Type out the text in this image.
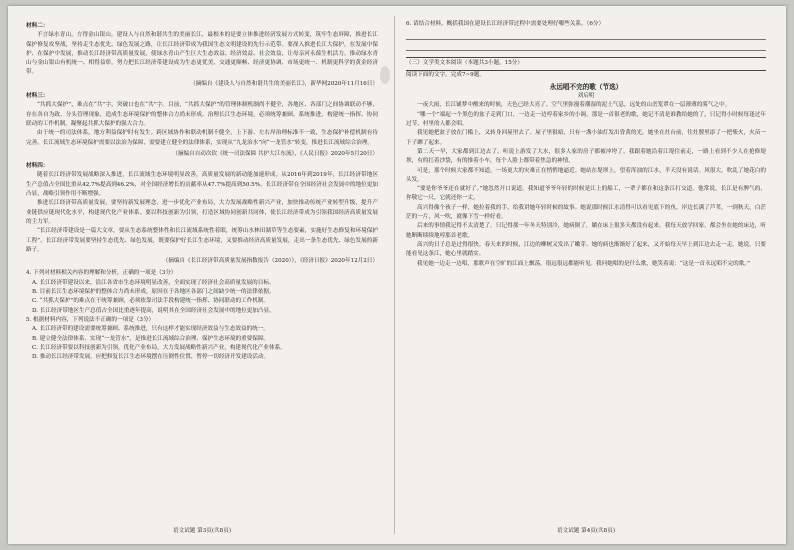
材料二：

不言绿水青山，方得金山银山。建设人与自然和谐共生的美丽长江，最根本的是要立体推进经济发展方式转变，筑牢生态屏障，推进长江保护修复攻坚战，坚持走生态优先、绿色发展之路，让长江经济带成为我国生态文明建设的先行示范带。要深入推进长江大保护，在发展中保护、在保护中发展，推动长江经济带高质量发展，使绿水青山产生巨大生态效益、经济效益、社会效益，让母亲河永葆生机活力。推动绿水青山与金山银山有机统一、相得益彰，努力把长江经济带建设成为生态更优美、交通更顺畅、经济更协调、市场更统一、机制更科学的黄金经济带。

（摘编自《建设人与自然和谐共生的美丽长江》，新华网2020年11月16日）

材料三：

“共抓大保护”，难点在“共”字，突破口也在“共”字。目前，“共抓大保护”的管理体制机制尚不健全，各地区、各部门之间协调联动不够，存在各自为政、分头管理现象，造成生态环境保护的整体合力尚未形成。治理长江生态环境，必须统筹兼顾、系统推进，构建统一指挥、协同联动的工作机制，凝聚起共抓大保护的强大合力。

由于统一的司法体系，地方利益保护时有发生。跨区域协作和联动机制不健全，上下游、左右岸治理标准不一致，生态保护补偿机制有待完善。长江流域生态环境保护需要以法治为保障，需要建立健全的法律体系，实现从“九龙治水”向“一龙管水”转变，推进长江流域综合治理。

（摘编自自动次钦《统一司法保障 共护大江东流》，《人民日报》2020年5月20日）

材料四：

随着长江经济带发展战略深入推进，长江流域生态环境明显改善，高质量发展的新动能加速形成。从2016年到2019年，长江经济带地区生产总值占全国比重从42.7%提高到46.2%，对全国经济增长的贡献率从47.7%提高到50.5%。长江经济带在全国经济社会发展中的地位更加凸显，战略引领作用不断增强。

推进长江经济带高质量发展，要坚持新发展理念，进一步优化产业布局，大力发展战略性新兴产业，加快推动传统产业转型升级，提升产业链供应链现代化水平，构建现代化产业体系。要以科技创新为引领，打造区域协同创新共同体，使长江经济带成为引领我国经济高质量发展的主力军。

“长江经济带建设是一篇大文章，要从生态系统整体性和长江流域系统性着眼，统筹山水林田湖草等生态要素，实施好生态修复和环境保护工程”。长江经济带发展要坚持生态优先、绿色发展，既要保护好长江生态环境，又要推动经济高质量发展，走出一条生态优先、绿色发展的新路子。

（摘编自《长江经济带高质量发展指数报告（2020）》，《经济日报》2020年12月2日）

4. 下列对材料相关内容的理解和分析，正确的一项是（3分）

A. 长江经济带建设以来，沿江各省市生态环境明显改善，全面实现了经济社会高质量发展的目标。

B. 目前长江生态环境保护的整体合力尚未形成，原因在于各地区各部门之间缺少统一的法律依据。

C. “共抓大保护”的难点在于统筹兼顾，必须依靠司法手段构建统一指挥、协同联动的工作机制。

D. 长江经济带地区生产总值占全国比重逐年提高，说明其在全国经济社会发展中的地位更加凸显。

5. 根据材料内容，下列说法不正确的一项是（3分）

A. 长江经济带的建设需要统筹兼顾、系统推进，只有这样才能实现经济效益与生态效益的统一。

B. 建立健全法律体系、实现“一龙管水”，是推进长江流域综合治理、保护生态环境的重要保障。

C. 长江经济带要以科技创新为引领，优化产业布局，大力发展战略性新兴产业，构建现代化产业体系。

D. 推动长江经济带发展，应把修复长江生态环境摆在压倒性位置，暂停一切经济开发建设活动。

语文试题 第3页(共8页)

6. 请结合材料，概括我国在建设长江经济带过程中需要处理好哪些关系。（6分）

（三）文学类文本阅读（本题共3小题，15分）

阅读下面的文字，完成7~9题。

永远唱不完的歌（节选）

刘启明

一夜大雨，长江铺梦中醒来的时候，天色已经大亮了。空气里弥漫着潮湿的泥土气息，远处的山峦笼罩在一层薄薄的雾气之中。

“哪一个”端起一个黑色的盆子走到门口，一边走一边哼着家乡的小调。那是一首很老的歌，她记不清是谁教给她的了，只记得小时候每逢过年过节，村里的人都会唱。

我见她把盆子放在门槛上，又转身回屋里去了。屋子里很暗，只有一盏小油灯发出昏黄的光。她坐在灶台前，往灶膛里添了一把柴火，火苗一下子蹿了起来。

第二天一早，大家都到江边去了。听说上游发了大水，很多人家的房子都被冲垮了。我跟着她沿着江堤往前走，一路上看到不少人在抢修堤坝，有的扛着沙袋，有的推着小车，每个人脸上都带着焦急的神情。

可是，那个时候大家都不知道，一场更大的灾难正在悄悄地逼近。她站在堤坝上，望着浑浊的江水，半天没有说话。风很大，吹乱了她花白的头发。

“要是你爷爷还在就好了。”她忽然开口说道。我知道爷爷年轻的时候是江上的船工，一辈子都在和这条江打交道。他常说，长江是有脾气的，你敬它一尺，它就还你一丈。

高兴得像个孩子一样，她拉着我的手，给我讲她年轻时候的故事。她说那时候江水清得可以看见底下的鱼，岸边长满了芦苇，一到秋天，白茫茫的一片，风一吹，就像下雪一样好看。

后来的事情我记得不太清楚了。只记得那一年冬天特别冷，她病倒了，躺在床上很多天都没有起来。我每天放学回家，都会坐在她的床边，听她断断续续地哼那首老歌。

高兴的日子总是过得很快。春天来的时候，江边的柳树又发出了嫩芽。她的病也渐渐好了起来，又开始每天早上到江边去走一走。她说，只要能看见这条江，她心里就踏实。

我见她一边走一边唱，那歌声在空旷的江面上飘荡，很远很远都能听见。我问她唱的是什么歌，她笑着说：“这是一首永远唱不完的歌。”

语文试题 第4页(共8页)
